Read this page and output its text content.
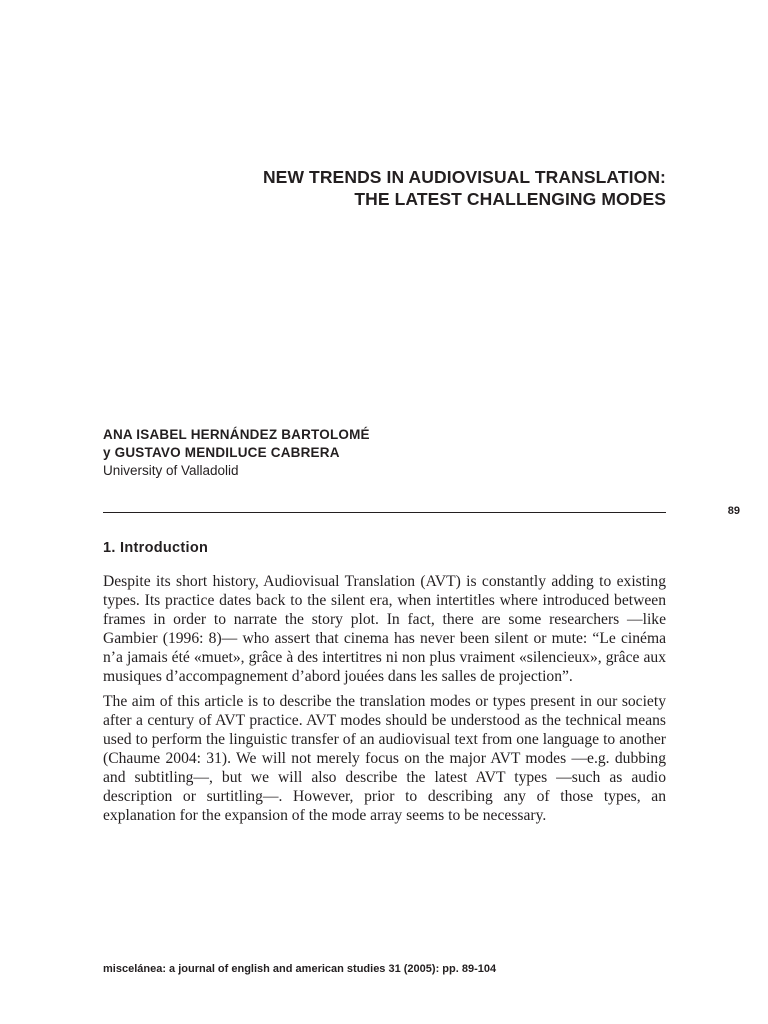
NEW TRENDS IN AUDIOVISUAL TRANSLATION:
THE LATEST CHALLENGING MODES
ANA ISABEL HERNÁNDEZ BARTOLOMÉ
y GUSTAVO MENDILUCE CABRERA
University of Valladolid
89
1. Introduction

Despite its short history, Audiovisual Translation (AVT) is constantly adding to existing types. Its practice dates back to the silent era, when intertitles where introduced between frames in order to narrate the story plot. In fact, there are some researchers —like Gambier (1996: 8)— who assert that cinema has never been silent or mute: “Le cinéma n’a jamais été «muet», grâce à des intertitres ni non plus vraiment «silencieux», grâce aux musiques d’accompagnement d’abord jouées dans les salles de projection”.

The aim of this article is to describe the translation modes or types present in our society after a century of AVT practice. AVT modes should be understood as the technical means used to perform the linguistic transfer of an audiovisual text from one language to another (Chaume 2004: 31). We will not merely focus on the major AVT modes —e.g. dubbing and subtitling—, but we will also describe the latest AVT types —such as audio description or surtitling—. However, prior to describing any of those types, an explanation for the expansion of the mode array seems to be necessary.

miscelánea: a journal of english and american studies 31 (2005): pp. 89-104
